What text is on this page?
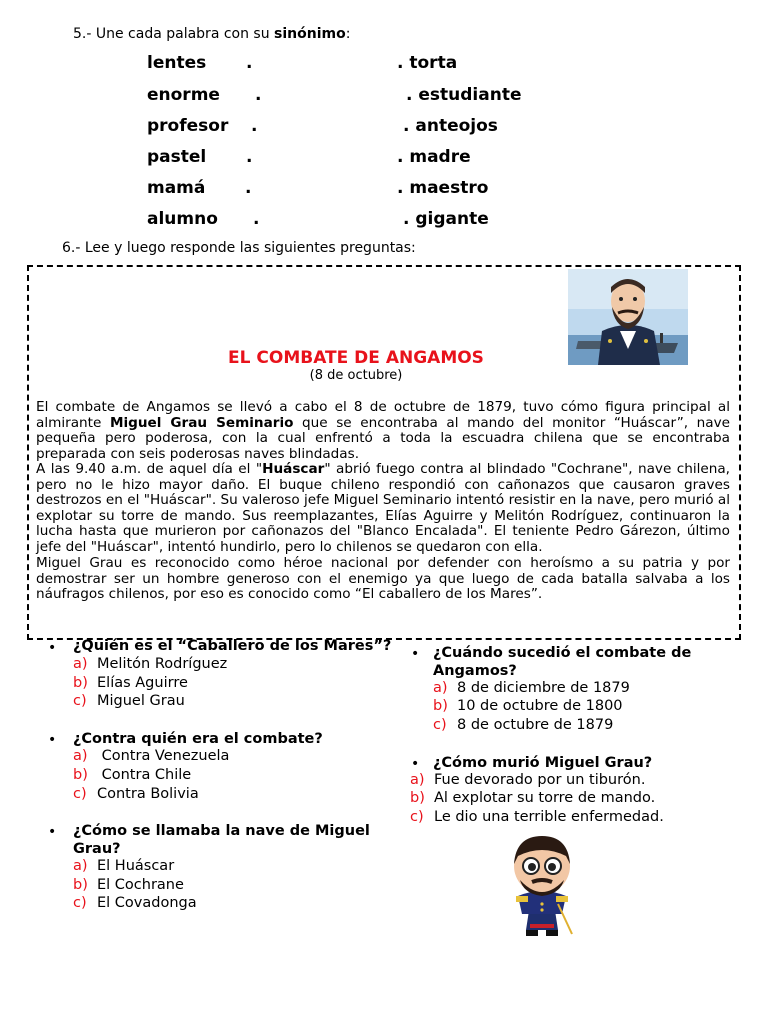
5.- Une cada palabra con su sinónimo:
lentes .	. torta
enorme .	. estudiante
profesor .	. anteojos
pastel .	. madre
mamá .	. maestro
alumno .	. gigante
6.- Lee y luego responde las siguientes preguntas:
EL COMBATE DE ANGAMOS
(8 de octubre)
El combate de Angamos se llevó a cabo el 8 de octubre de 1879, tuvo cómo figura principal al almirante Miguel Grau Seminario que se encontraba al mando del monitor “Huáscar”, nave pequeña pero poderosa, con la cual enfrentó a toda la escuadra chilena que se encontraba preparada con seis poderosas naves blindadas.
A las 9.40 a.m. de aquel día el "Huáscar" abrió fuego contra al blindado "Cochrane", nave chilena, pero no le hizo mayor daño. El buque chileno respondió con cañonazos que causaron graves destrozos en el "Huáscar". Su valeroso jefe Miguel Seminario intentó resistir en la nave, pero murió al explotar su torre de mando. Sus reemplazantes, Elías Aguirre y Melitón Rodríguez, continuaron la lucha hasta que murieron por cañonazos del "Blanco Encalada". El teniente Pedro Gárezon, último jefe del "Huáscar", intentó hundirlo, pero lo chilenos se quedaron con ella.
Miguel Grau es reconocido como héroe nacional por defender con heroísmo a su patria y por demostrar ser un hombre generoso con el enemigo ya que luego de cada batalla salvaba a los náufragos chilenos, por eso es conocido como “El caballero de los Mares”.
• ¿Quién es el “Caballero de los Mares”?
a) Melitón Rodríguez
b) Elías Aguirre
c) Miguel Grau
• ¿Contra quién era el combate?
a) Contra Venezuela
b) Contra Chile
c) Contra Bolivia
• ¿Cómo se llamaba la nave de Miguel Grau?
a) El Huáscar
b) El Cochrane
c) El Covadonga
• ¿Cuándo sucedió el combate de Angamos?
a) 8 de diciembre de 1879
b) 10 de octubre de 1800
c) 8 de octubre de 1879
• ¿Cómo murió Miguel Grau?
a) Fue devorado por un tiburón.
b) Al explotar su torre de mando.
c) Le dio una terrible enfermedad.
